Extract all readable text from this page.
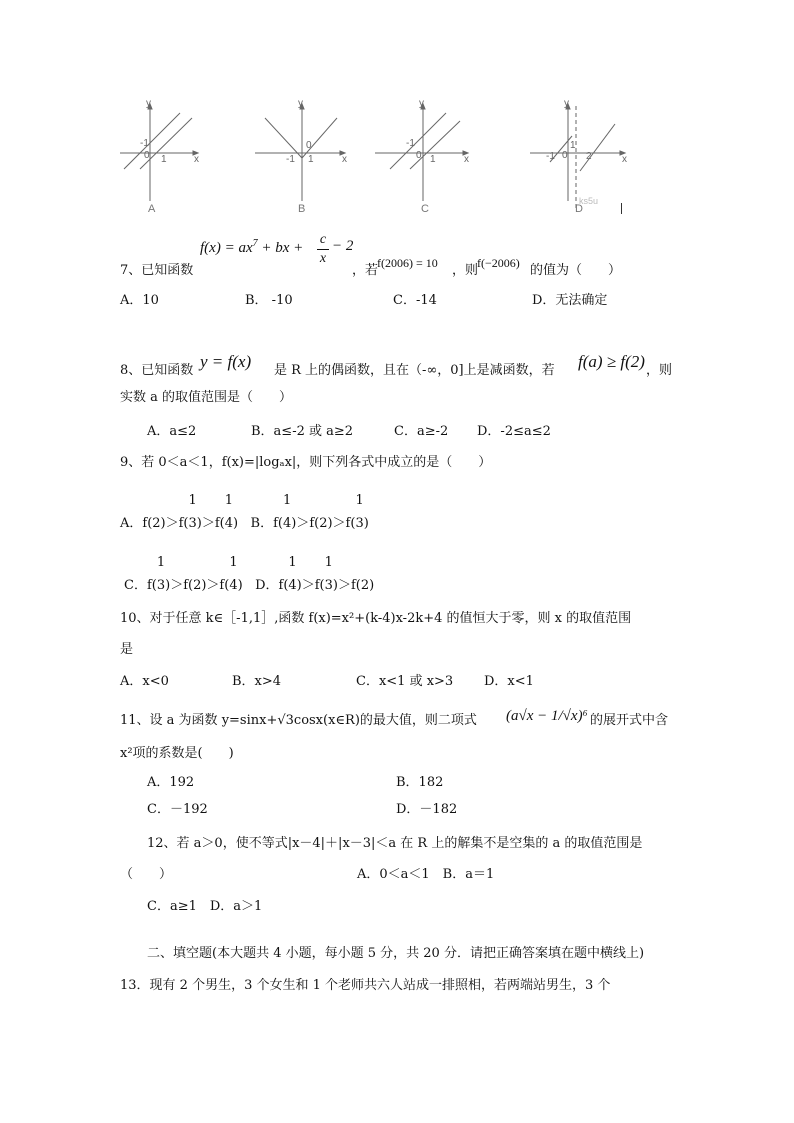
y
-1
0 1	x
y
-1
0
1	x
y
-1
0 1	x
y
-1 0
1
2	x
A	B	C	D
ks5u
$f(x) = ax^7$ + bx +
c
x
− 2
7、已知函数	，若
f(2006) = 10 ，则
f(−2006) 的值为（　　）
A．10	B． -10	C．-14	D．无法确定
8、已知函数 y = f(x) 是 R 上的偶函数，且在（-∞，0]上是减函数，若 f(a) ≥ f(2) ，则
实数 a 的取值范围是（　　）
A．a≤2	B．a≤-2 或 a≥2	C．a≥-2 D．-2≤a≤2
9、若 0＜a＜1，f(x)=|logₐx|，则下列各式中成立的是（　　）
A．f(2)＞f(
1
3)＞f(
1
4) B．f(
1
4)＞f(2)＞f(
1
3)
C．f(
1
3)＞f(2)＞f(
1
4) D．f(
1
4)＞f(
1
3)＞f(2)
10、对于任意 k∈［-1,1］,函数 f(x)=x²+(k-4)x-2k+4 的值恒大于零，则 x 的取值范围
是
A．x<0	B．x>4	C．x<1 或 x>3 D．x<1
11、设 a 为函数 y=sinx+√3cosx(x∈R)的最大值，则二项式 (a√x − 1/√x)⁶ 的展开式中含
x²项的系数是(　　)
A．192	B．182
C．－192	D．－182
12、若 a＞0，使不等式|x－4|＋|x－3|＜a 在 R 上的解集不是空集的 a 的取值范围是
（　　）	A．0＜a＜1　B．a＝1
C．a≥1　D．a＞1
二、填空题(本大题共 4 小题，每小题 5 分，共 20 分．请把正确答案填在题中横线上)
13．现有 2 个男生，3 个女生和 1 个老师共六人站成一排照相，若两端站男生，3 个
